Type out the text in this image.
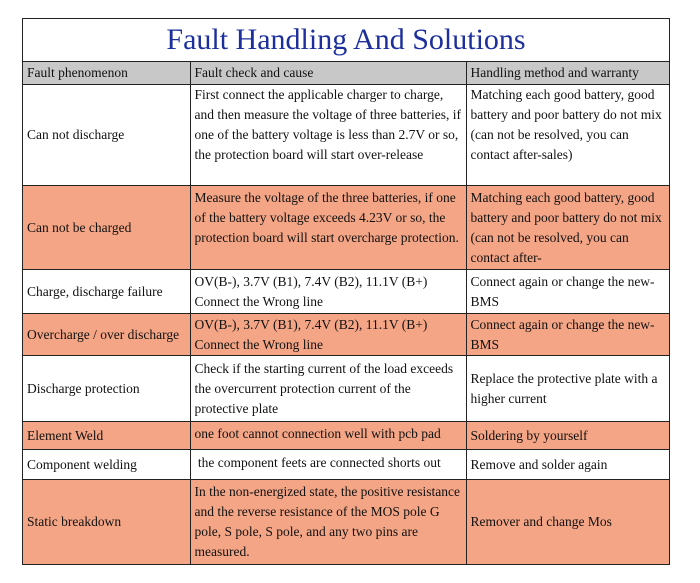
Fault Handling And Solutions
Fault phenomenon	Fault check and cause	Handling method and warranty
Can not discharge	First connect the applicable charger to charge, and then measure the voltage of three batteries, if one of the battery voltage is less than 2.7V or so, the protection board will start over-release	Matching each good battery, good battery and poor battery do not mix (can not be resolved, you can contact after-sales)

Can not be charged	Measure the voltage of the three batteries, if one of the battery voltage exceeds 4.23V or so, the protection board will start overcharge protection.	Matching each good battery, good battery and poor battery do not mix (can not be resolved, you can contact after-

Charge, discharge failure	OV(B-), 3.7V (B1), 7.4V (B2), 11.1V (B+) Connect the Wrong line	Connect again or change the new-BMS

Overcharge / over discharge	OV(B-), 3.7V (B1), 7.4V (B2), 11.1V (B+) Connect the Wrong line	Connect again or change the new-BMS

Discharge protection	Check if the starting current of the load exceeds the overcurrent protection current of the protective plate	Replace the protective plate with a higher current

Element Weld	one foot cannot connection well with pcb pad	Soldering by yourself
Component welding	the component feets are connected shorts out	Remove and solder again
Static breakdown	In the non-energized state, the positive resistance and the reverse resistance of the MOS pole G pole, S pole, S pole, and any two pins are measured.	Remover and change Mos
